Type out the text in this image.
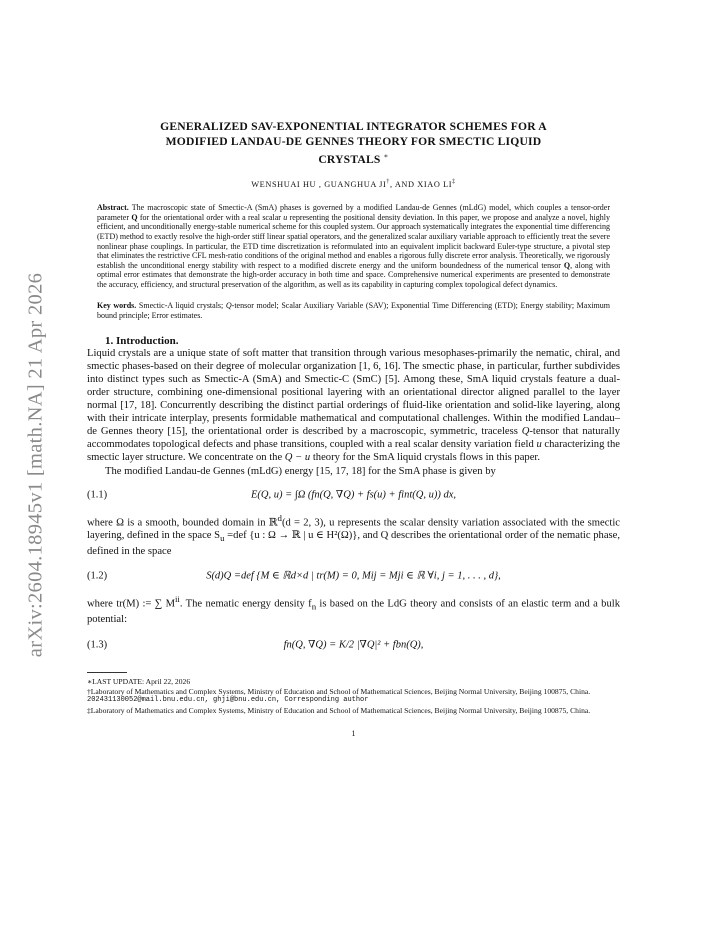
arXiv:2604.18945v1 [math.NA] 21 Apr 2026
GENERALIZED SAV-EXPONENTIAL INTEGRATOR SCHEMES FOR A
MODIFIED LANDAU-DE GENNES THEORY FOR SMECTIC LIQUID
CRYSTALS ∗
WENSHUAI HU , GUANGHUA JI†, AND XIAO LI‡
Abstract. The macroscopic state of Smectic-A (SmA) phases is governed by a modified Landau-de Gennes (mLdG) model, which couples a tensor-order parameter Q for the orientational order with a real scalar u representing the positional density deviation. In this paper, we propose and analyze a novel, highly efficient, and unconditionally energy-stable numerical scheme for this coupled system. Our approach systematically integrates the exponential time differencing (ETD) method to exactly resolve the high-order stiff linear spatial operators, and the generalized scalar auxiliary variable approach to efficiently treat the severe nonlinear phase couplings. In particular, the ETD time discretization is reformulated into an equivalent implicit backward Euler-type structure, a pivotal step that eliminates the restrictive CFL mesh-ratio conditions of the original method and enables a rigorous fully discrete error analysis. Theoretically, we rigorously establish the unconditional energy stability with respect to a modified discrete energy and the uniform boundedness of the numerical tensor Q, along with optimal error estimates that demonstrate the high-order accuracy in both time and space. Comprehensive numerical experiments are presented to demonstrate the accuracy, efficiency, and structural preservation of the algorithm, as well as its capability in capturing complex topological defect dynamics.
Key words. Smectic-A liquid crystals; Q-tensor model; Scalar Auxiliary Variable (SAV); Exponential Time Differencing (ETD); Energy stability; Maximum bound principle; Error estimates.
1. Introduction.

Liquid crystals are a unique state of soft matter that transition through various mesophases-primarily the nematic, chiral, and smectic phases-based on their degree of molecular organization [1, 6, 16]. The smectic phase, in particular, further subdivides into distinct types such as Smectic-A (SmA) and Smectic-C (SmC) [5]. Among these, SmA liquid crystals feature a dual-order structure, combining one-dimensional positional layering with an orientational director aligned parallel to the layer normal [17, 18]. Concurrently describing the distinct partial orderings of fluid-like orientation and solid-like layering, along with their intricate interplay, presents formidable mathematical and computational challenges. Within the modified Landau–de Gennes theory [15], the orientational order is described by a macroscopic, symmetric, traceless Q-tensor that naturally accommodates topological defects and phase transitions, coupled with a real scalar density variation field u characterizing the smectic layer structure. We concentrate on the Q − u theory for the SmA liquid crystals flows in this paper.

The modified Landau-de Gennes (mLdG) energy [15, 17, 18] for the SmA phase is given by

(1.1)	E(Q, u) = ∫Ω (fn(Q, ∇Q) + fs(u) + fint(Q, u)) dx,

where Ω is a smooth, bounded domain in ℝ$^d$(d = 2, 3), u represents the scalar density variation associated with the smectic layering, defined in the space $S_u =def$ {u : Ω → ℝ | u ∈ H²(Ω)}, and Q describes the orientational order of the nematic phase, defined in the space

(1.2)	S(d)Q =def {M ∈ ℝd×d | tr(M) = 0, Mij = Mji ∈ ℝ ∀i, j = 1, . . . , d},

where tr(M) := ∑ $M^{ii}$. The nematic energy density $f_n$ is based on the LdG theory and consists of an elastic term and a bulk potential:

(1.3)	fn(Q, ∇Q) = K/2 |∇Q|² + fbn(Q),

∗LAST UPDATE: April 22, 2026

†Laboratory of Mathematics and Complex Systems, Ministry of Education and School of Mathematical Sciences, Beijing Normal University, Beijing 100875, China.

202431130052@mail.bnu.edu.cn, ghji@bnu.edu.cn, Corresponding author

‡Laboratory of Mathematics and Complex Systems, Ministry of Education and School of Mathematical Sciences, Beijing Normal University, Beijing 100875, China.

1
